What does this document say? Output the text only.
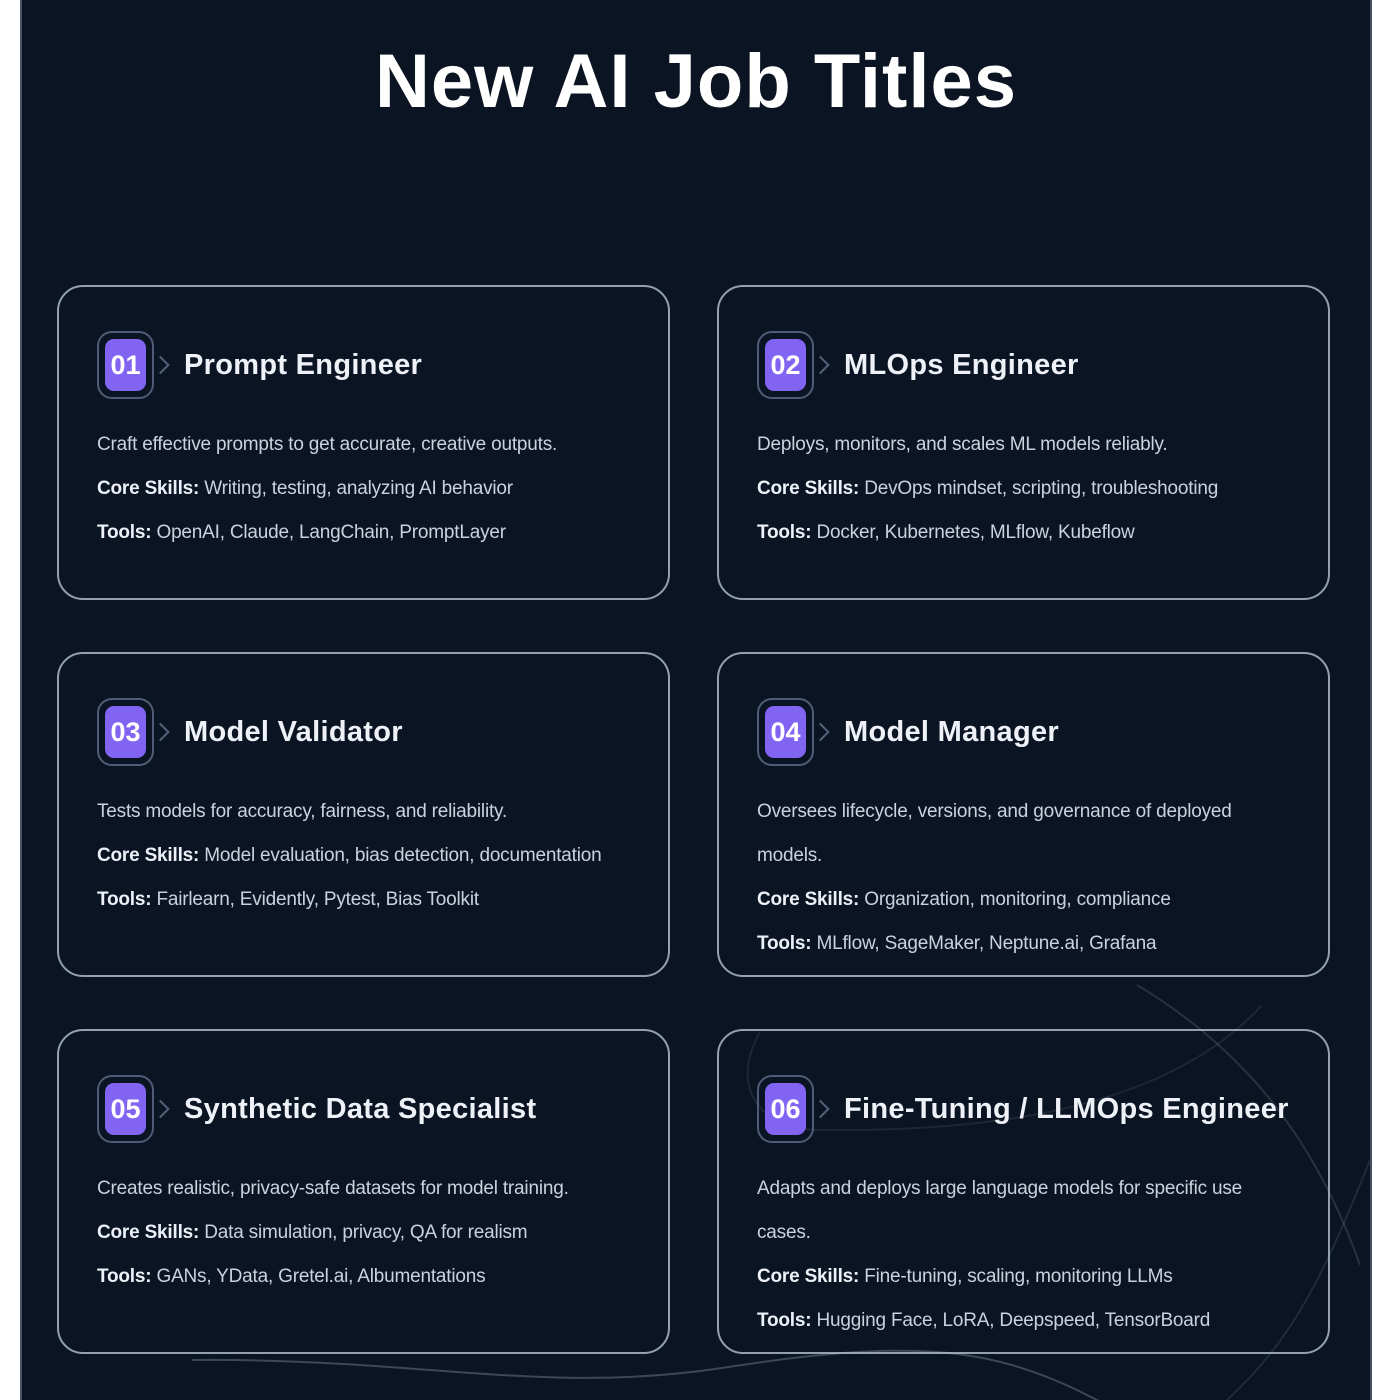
New AI Job Titles
01 Prompt Engineer

Craft effective prompts to get accurate, creative outputs.

Core Skills: Writing, testing, analyzing AI behavior

Tools: OpenAI, Claude, LangChain, PromptLayer

02 MLOps Engineer

Deploys, monitors, and scales ML models reliably.

Core Skills: DevOps mindset, scripting, troubleshooting

Tools: Docker, Kubernetes, MLflow, Kubeflow

03 Model Validator

Tests models for accuracy, fairness, and reliability.

Core Skills: Model evaluation, bias detection, documentation

Tools: Fairlearn, Evidently, Pytest, Bias Toolkit

04 Model Manager

Oversees lifecycle, versions, and governance of deployed models.

Core Skills: Organization, monitoring, compliance

Tools: MLflow, SageMaker, Neptune.ai, Grafana

05 Synthetic Data Specialist

Creates realistic, privacy-safe datasets for model training.

Core Skills: Data simulation, privacy, QA for realism

Tools: GANs, YData, Gretel.ai, Albumentations

06 Fine-Tuning / LLMOps Engineer

Adapts and deploys large language models for specific use cases.

Core Skills: Fine-tuning, scaling, monitoring LLMs

Tools: Hugging Face, LoRA, Deepspeed, TensorBoard
